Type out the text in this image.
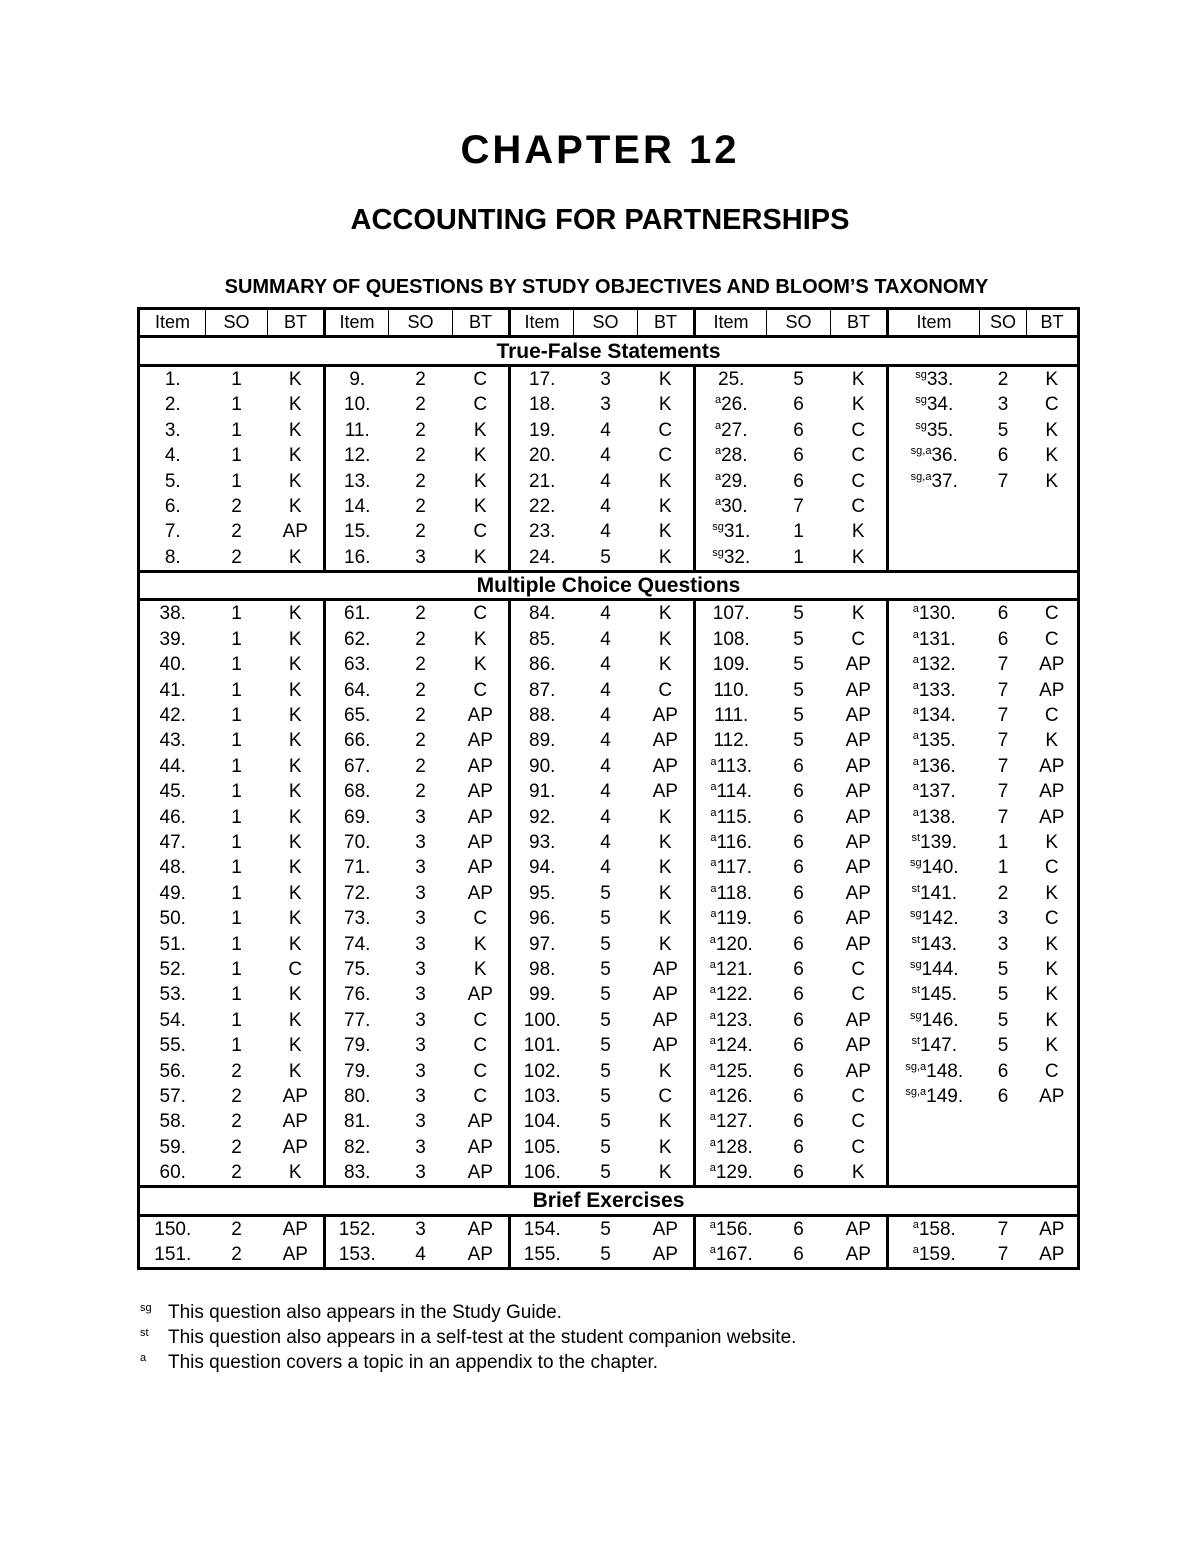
CHAPTER 12
ACCOUNTING FOR PARTNERSHIPS
SUMMARY OF QUESTIONS BY STUDY OBJECTIVES AND BLOOM’S TAXONOMY
Item	SO	BT	Item	SO	BT	Item	SO	BT	Item	SO	BT	Item	SO	BT
True-False Statements														
1.	1	K	9.	2	C	17.	3	K	25.	5	K	$^{sg}$33.	2	K
2.	1	K	10.	2	C	18.	3	K	$^a$26.	6	K	$^{sg}$34.	3	C
3.	1	K	11.	2	K	19.	4	C	$^a$27.	6	C	$^{sg}$35.	5	K
4.	1	K	12.	2	K	20.	4	C	$^a$28.	6	C	$^{sg,a}$36.	6	K
5.	1	K	13.	2	K	21.	4	K	$^a$29.	6	C	$^{sg,a}$37.	7	K
6.	2	K	14.	2	K	22.	4	K	$^a$30.	7	C			
7.	2	AP	15.	2	C	23.	4	K	$^{sg}$31.	1	K			
8.	2	K	16.	3	K	24.	5	K	$^{sg}$32.	1	K			
Multiple Choice Questions														
38.	1	K	61.	2	C	84.	4	K	107.	5	K	$^a$130.	6	C
39.	1	K	62.	2	K	85.	4	K	108.	5	C	$^a$131.	6	C
40.	1	K	63.	2	K	86.	4	K	109.	5	AP	$^a$132.	7	AP
41.	1	K	64.	2	C	87.	4	C	110.	5	AP	$^a$133.	7	AP
42.	1	K	65.	2	AP	88.	4	AP	111.	5	AP	$^a$134.	7	C
43.	1	K	66.	2	AP	89.	4	AP	112.	5	AP	$^a$135.	7	K
44.	1	K	67.	2	AP	90.	4	AP	$^a$113.	6	AP	$^a$136.	7	AP
45.	1	K	68.	2	AP	91.	4	AP	$^a$114.	6	AP	$^a$137.	7	AP
46.	1	K	69.	3	AP	92.	4	K	$^a$115.	6	AP	$^a$138.	7	AP
47.	1	K	70.	3	AP	93.	4	K	$^a$116.	6	AP	$^{st}$139.	1	K
48.	1	K	71.	3	AP	94.	4	K	$^a$117.	6	AP	$^{sg}$140.	1	C
49.	1	K	72.	3	AP	95.	5	K	$^a$118.	6	AP	$^{st}$141.	2	K
50.	1	K	73.	3	C	96.	5	K	$^a$119.	6	AP	$^{sg}$142.	3	C
51.	1	K	74.	3	K	97.	5	K	$^a$120.	6	AP	$^{st}$143.	3	K
52.	1	C	75.	3	K	98.	5	AP	$^a$121.	6	C	$^{sg}$144.	5	K
53.	1	K	76.	3	AP	99.	5	AP	$^a$122.	6	C	$^{st}$145.	5	K
54.	1	K	77.	3	C	100.	5	AP	$^a$123.	6	AP	$^{sg}$146.	5	K
55.	1	K	79.	3	C	101.	5	AP	$^a$124.	6	AP	$^{st}$147.	5	K
56.	2	K	79.	3	C	102.	5	K	$^a$125.	6	AP	$^{sg,a}$148.	6	C
57.	2	AP	80.	3	C	103.	5	C	$^a$126.	6	C	$^{sg,a}$149.	6	AP
58.	2	AP	81.	3	AP	104.	5	K	$^a$127.	6	C			
59.	2	AP	82.	3	AP	105.	5	K	$^a$128.	6	C			
60.	2	K	83.	3	AP	106.	5	K	$^a$129.	6	K			
Brief Exercises														
150.	2	AP	152.	3	AP	154.	5	AP	$^a$156.	6	AP	$^a$158.	7	AP
151.	2	AP	153.	4	AP	155.	5	AP	$^a$167.	6	AP	$^a$159.	7	AP
$^{sg}$ This question also appears in the Study Guide.
$^{st}$ This question also appears in a self-test at the student companion website.
$^a$ This question covers a topic in an appendix to the chapter.
